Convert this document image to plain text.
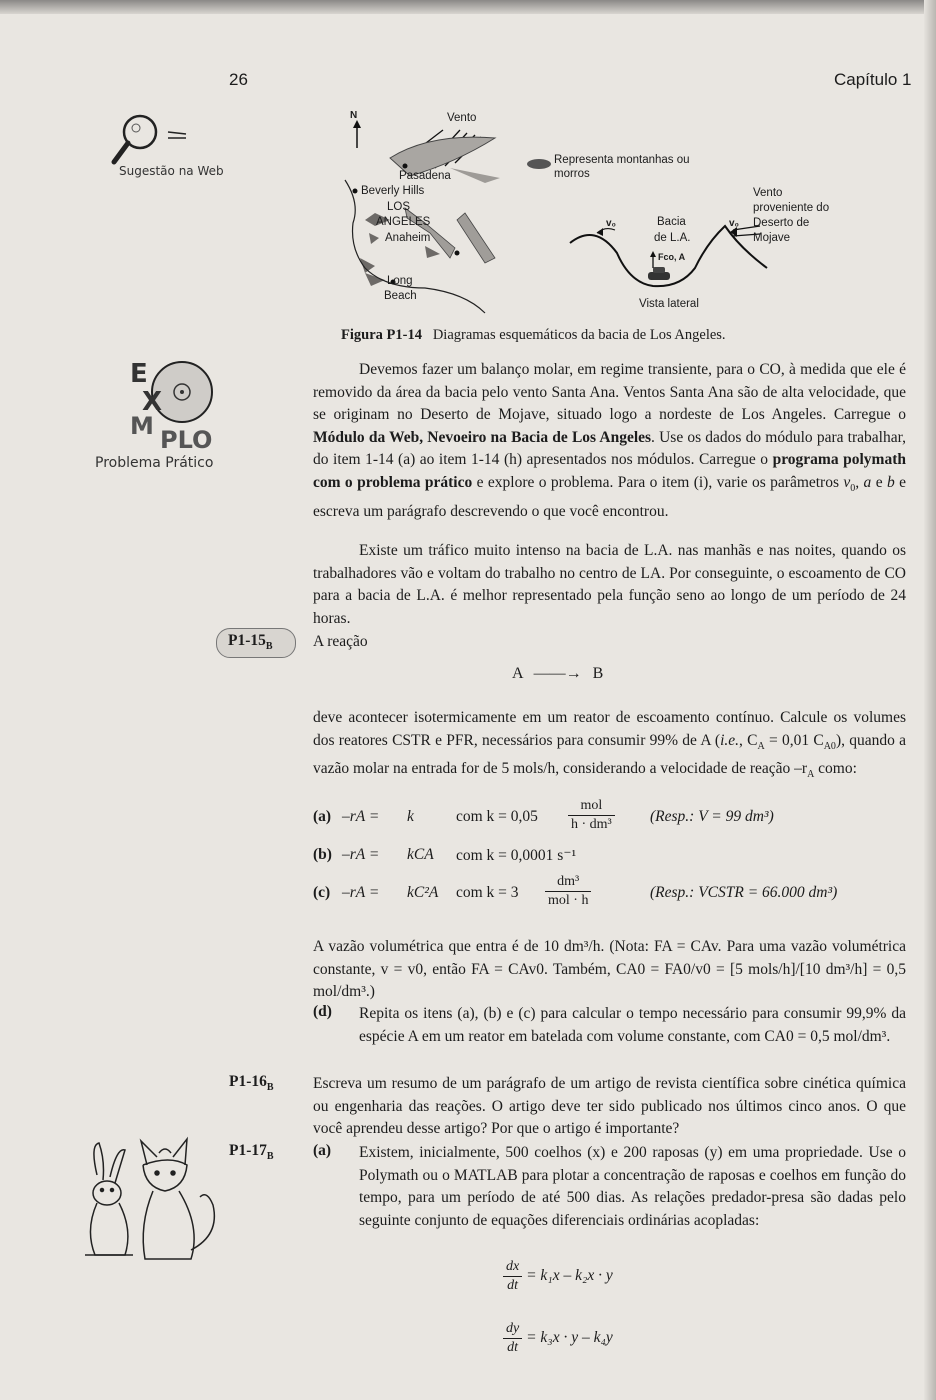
26	Capítulo 1
Sugestão na Web
N	Vento
Pasadena
Representa montanhas ou morros
Beverly Hills
LOS
ANGELES
Anaheim
Long
Beach
v₀	Bacia
de L.A.
v₀
Vento
proveniente do
Deserto de
Mojave
Fco, A
Vista lateral
Figura P1-14 Diagramas esquemáticos da bacia de Los Angeles.
E
X
M PLO
Problema Prático

Devemos fazer um balanço molar, em regime transiente, para o CO, à medida que ele é removido da área da bacia pelo vento Santa Ana. Ventos Santa Ana são de alta velocidade, que se originam no Deserto de Mojave, situado logo a nordeste de Los Angeles. Carregue o Módulo da Web, Nevoeiro na Bacia de Los Angeles. Use os dados do módulo para trabalhar, do item 1-14 (a) ao item 1-14 (h) apresentados nos módulos. Carregue o programa polymath com o problema prático e explore o problema. Para o item (i), varie os parâmetros $v_0$, a e b e escreva um parágrafo descrevendo o que você encontrou.

Existe um tráfico muito intenso na bacia de L.A. nas manhãs e nas noites, quando os trabalhadores vão e voltam do trabalho no centro de LA. Por conseguinte, o escoamento de CO para a bacia de L.A. é melhor representado pela função seno ao longo de um período de 24 horas.
$P1-15_B$	A reação
A ——→ B

deve acontecer isotermicamente em um reator de escoamento contínuo. Calcule os volumes dos reatores CSTR e PFR, necessários para consumir 99% de A (i.e., $C_A = 0,01$ $C_{A0}$), quando a vazão molar na entrada for de 5 mols/h, considerando a velocidade de reação $-r_A$ como:

(a) –rA = k	com $k = 0,05 \frac{\text{mol}}{\text{h · dm³}}$ (Resp.: V = 99 dm³)
(b) –rA = kCA com k = 0,0001 s⁻¹
(c) –rA = kC²A com $k = 3 \frac{\text{dm³}}{\text{mol · h}}$	(Resp.: VCSTR = 66.000 dm³)
A vazão volumétrica que entra é de 10 dm³/h. (Nota: FA = CAv. Para uma vazão volumétrica constante, v = v0, então FA = CAv0. Também, CA0 = FA0/v0 = [5 mols/h]/[10 dm³/h] = 0,5 mol/dm³.)
(d) Repita os itens (a), (b) e (c) para calcular o tempo necessário para consumir 99,9% da espécie A em um reator em batelada com volume constante, com CA0 = 0,5 mol/dm³.
$P1-16_B$	Escreva um resumo de um parágrafo de um artigo de revista científica sobre cinética química ou engenharia das reações. O artigo deve ter sido publicado nos últimos cinco anos. O que você aprendeu desse artigo? Por que o artigo é importante?
$P1-17_B$	(a) Existem, inicialmente, 500 coelhos (x) e 200 raposas (y) em uma propriedade. Use o Polymath ou o MATLAB para plotar a concentração de raposas e coelhos em função do tempo, para um período de até 500 dias. As relações predador-presa são dadas pelo seguinte conjunto de equações diferenciais ordinárias acopladas:
$\frac{dx}{dt} = k_1x - k_2x \cdot y$
$\frac{dy}{dt} = k_3x \cdot y - k_4y$
